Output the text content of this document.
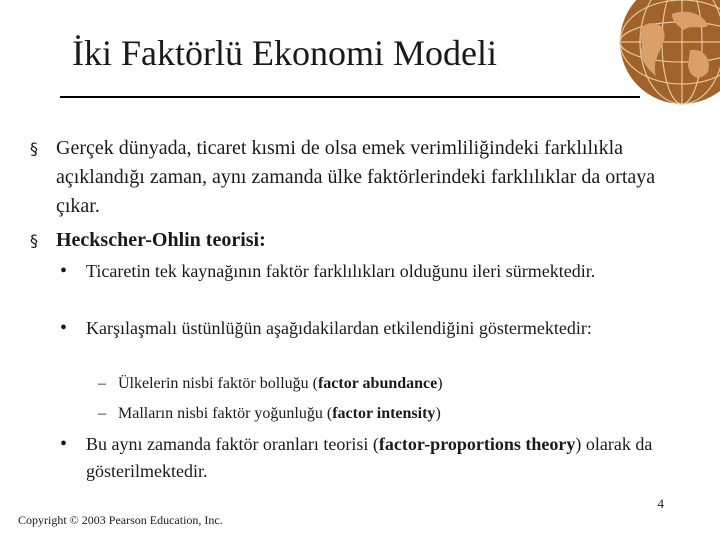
İki Faktörlü Ekonomi Modeli
§ Gerçek dünyada, ticaret kısmi de olsa emek verimliliğindeki farklılıkla açıklandığı zaman, aynı zamanda ülke faktörlerindeki farklılıklar da ortaya çıkar.
§ Heckscher-Ohlin teorisi:
• Ticaretin tek kaynağının faktör farklılıkları olduğunu ileri sürmektedir.
• Karşılaşmalı üstünlüğün aşağıdakilardan etkilendiğini göstermektedir:
– Ülkelerin nisbi faktör bolluğu (factor abundance)
– Malların nisbi faktör yoğunluğu (factor intensity)
• Bu aynı zamanda faktör oranları teorisi (factor-proportions theory) olarak da gösterilmektedir.
4
Copyright © 2003 Pearson Education, Inc.
